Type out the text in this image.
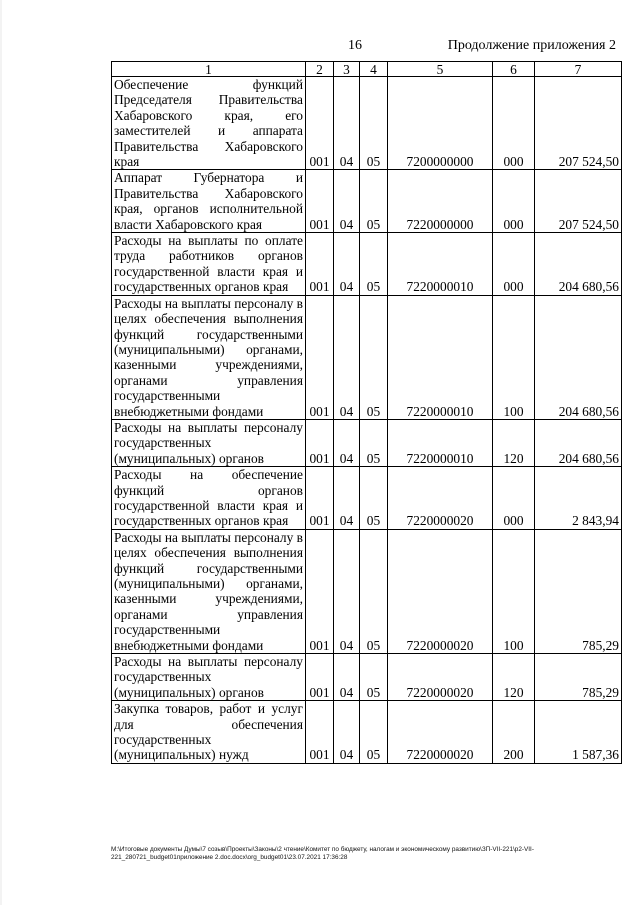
16	Продолжение приложения 2
1	2	3	4	5	6	7
Обеспечение функций Председателя Правительства Хабаровского края, его заместителей и аппарата Правительства Хабаровского края	001	04	05	7200000000	000	207 524,50
Аппарат Губернатора и Правительства Хабаровского края, органов исполнительной власти Хабаровского края	001	04	05	7220000000	000	207 524,50
Расходы на выплаты по оплате труда работников органов государственной власти края и государственных органов края	001	04	05	7220000010	000	204 680,56
Расходы на выплаты персоналу в целях обеспечения выполнения функций государственными (муниципальными) органами, казенными учреждениями, органами управления государственными внебюджетными фондами	001	04	05	7220000010	100	204 680,56
Расходы на выплаты персоналу государственных (муниципальных) органов	001	04	05	7220000010	120	204 680,56
Расходы на обеспечение функций органов государственной власти края и государственных органов края	001	04	05	7220000020	000	2 843,94
Расходы на выплаты персоналу в целях обеспечения выполнения функций государственными (муниципальными) органами, казенными учреждениями, органами управления государственными внебюджетными фондами	001	04	05	7220000020	100	785,29
Расходы на выплаты персоналу государственных (муниципальных) органов	001	04	05	7220000020	120	785,29
Закупка товаров, работ и услуг для обеспечения государственных (муниципальных) нужд	001	04	05	7220000020	200	1 587,36
M:\Итоговые документы Думы\7 созыв\Проекты\Законы\2 чтение\Комитет по бюджету, налогам и экономическому развитию\ЗП-VII-221\р2-VII-221_280721_budget01приложение 2.doc.docx\org_budget01\23.07.2021 17:36:28
